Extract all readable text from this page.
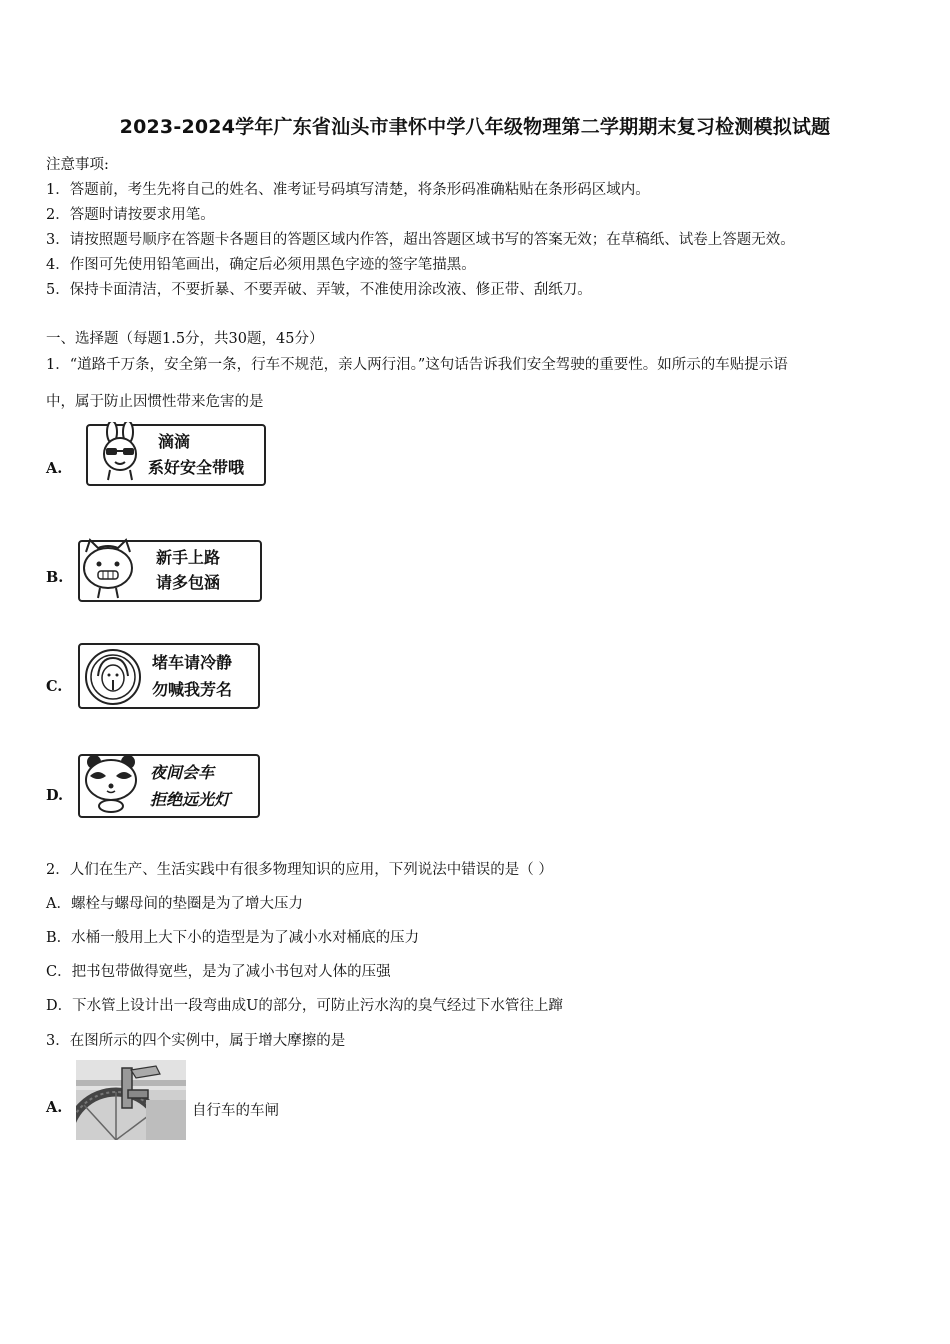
2023-2024学年广东省汕头市聿怀中学八年级物理第二学期期末复习检测模拟试题
注意事项:
1．答题前，考生先将自己的姓名、准考证号码填写清楚，将条形码准确粘贴在条形码区域内。
2．答题时请按要求用笔。
3．请按照题号顺序在答题卡各题目的答题区域内作答，超出答题区域书写的答案无效；在草稿纸、试卷上答题无效。
4．作图可先使用铅笔画出，确定后必须用黑色字迹的签字笔描黑。
5．保持卡面清洁，不要折暴、不要弄破、弄皱，不准使用涂改液、修正带、刮纸刀。
一、选择题（每题1.5分，共30题，45分）
1．“道路千万条，安全第一条，行车不规范，亲人两行泪。”这句话告诉我们安全驾驶的重要性。如所示的车贴提示语
中，属于防止因惯性带来危害的是
A.
滴滴
系好安全带哦
B.
新手上路
请多包涵
C.
堵车请冷静
勿喊我芳名
D.
夜间会车
拒绝远光灯
2．人们在生产、生活实践中有很多物理知识的应用，下列说法中错误的是（ ）
A．螺栓与螺母间的垫圈是为了增大压力
B．水桶一般用上大下小的造型是为了减小水对桶底的压力
C．把书包带做得宽些，是为了减小书包对人体的压强
D．下水管上设计出一段弯曲成U的部分，可防止污水沟的臭气经过下水管往上蹿
3．在图所示的四个实例中，属于增大摩擦的是
A.	自行车的车闸
